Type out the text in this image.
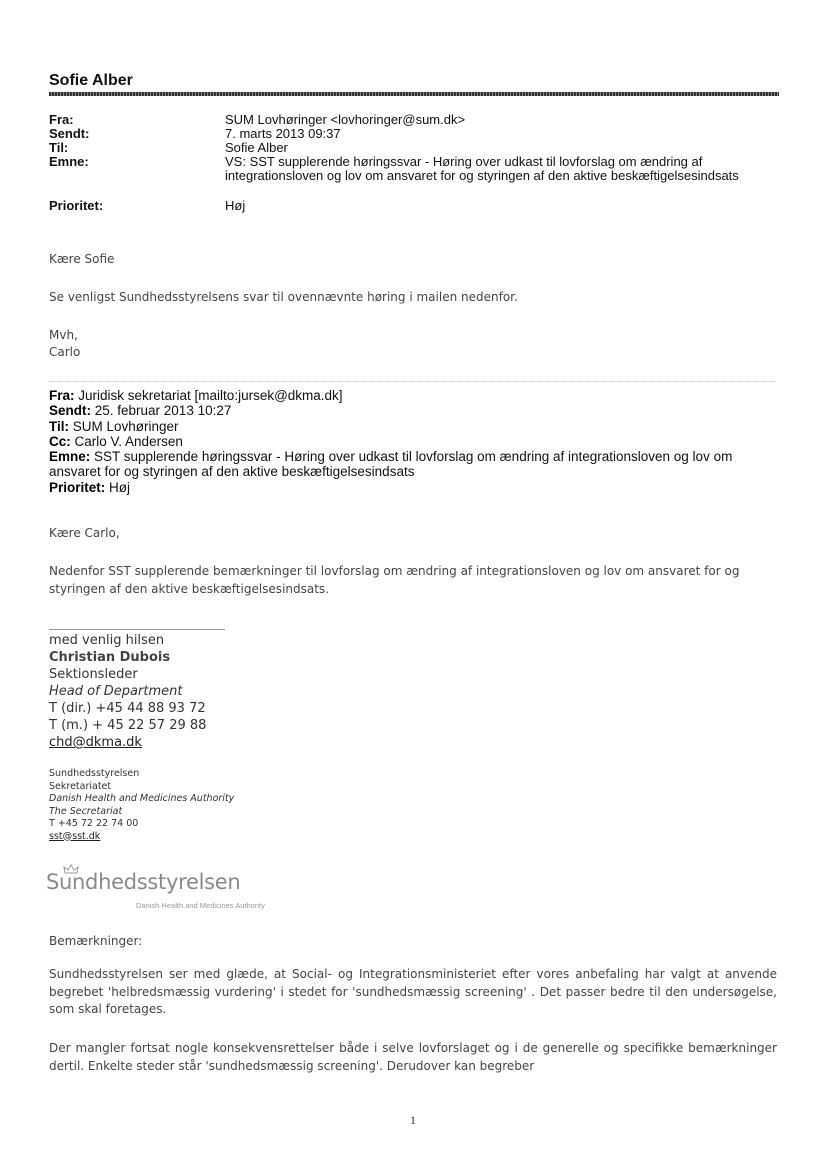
Sofie Alber
Fra:	SUM Lovhøringer <lovhoringer@sum.dk>
Sendt:	7. marts 2013 09:37
Til:	Sofie Alber
Emne:	VS: SST supplerende høringssvar - Høring over udkast til lovforslag om ændring af
integrationsloven og lov om ansvaret for og styringen af den aktive beskæftigelsesindsats
Prioritet:	Høj
Kære Sofie
Se venligst Sundhedsstyrelsens svar til ovennævnte høring i mailen nedenfor.
Mvh,
Carlo
Fra: Juridisk sekretariat [mailto:jursek@dkma.dk]
Sendt: 25. februar 2013 10:27
Til: SUM Lovhøringer
Cc: Carlo V. Andersen
Emne: SST supplerende høringssvar - Høring over udkast til lovforslag om ændring af integrationsloven og lov om ansvaret for og styringen af den aktive beskæftigelsesindsats
Prioritet: Høj
Kære Carlo,
Nedenfor SST supplerende bemærkninger til lovforslag om ændring af integrationsloven og lov om ansvaret for og styringen af den aktive beskæftigelsesindsats.
med venlig hilsen
Christian Dubois
Sektionsleder
Head of Department
T (dir.) +45 44 88 93 72
T (m.) + 45 22 57 29 88
chd@dkma.dk
Sundhedsstyrelsen
Sekretariatet
Danish Health and Medicines Authority
The Secretariat
T +45 72 22 74 00
sst@sst.dk
Sundhedsstyrelsen
Danish Health and Medicines Authority
Bemærkninger:
Sundhedsstyrelsen ser med glæde, at Social- og Integrationsministeriet efter vores anbefaling har valgt at anvende begrebet 'helbredsmæssig vurdering' i stedet for 'sundhedsmæssig screening' . Det passer bedre til den undersøgelse, som skal foretages.
Der mangler fortsat nogle konsekvensrettelser både i selve lovforslaget og i de generelle og specifikke bemærkninger dertil. Enkelte steder står 'sundhedsmæssig screening'. Derudover kan begreber
1
